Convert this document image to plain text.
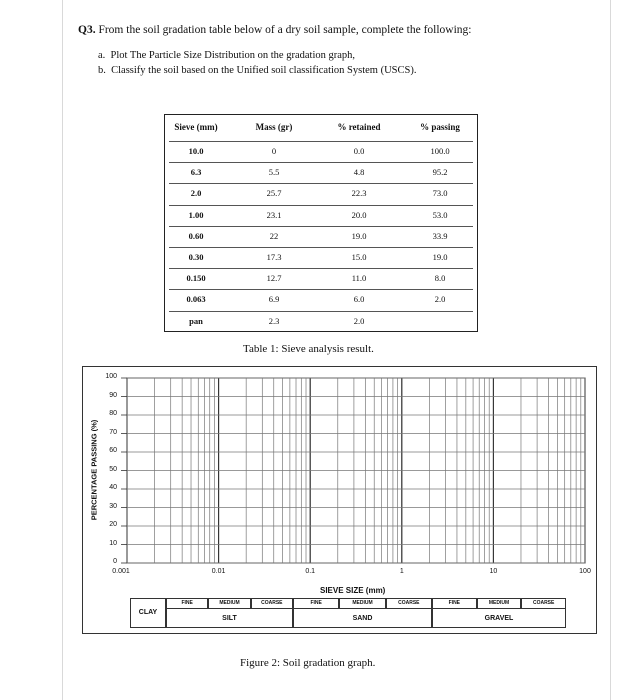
Q3. From the soil gradation table below of a dry soil sample, complete the following:
a. Plot The Particle Size Distribution on the gradation graph,
b. Classify the soil based on the Unified soil classification System (USCS).
Sieve (mm)	Mass (gr)	% retained	% passing
10.0	0	0.0	100.0
6.3	5.5	4.8	95.2
2.0	25.7	22.3	73.0
1.00	23.1	20.0	53.0
0.60	22	19.0	33.9
0.30	17.3	15.0	19.0
0.150	12.7	11.0	8.0
0.063	6.9	6.0	2.0
pan	2.3	2.0
Table 1: Sieve analysis result.
PERCENTAGE PASSING (%)
100
90
80
70
60
50
40
30
20
10
0
0.001	0.01	0.1	1	10	100
SIEVE SIZE (mm)
CLAY
FINE	MEDIUM	COARSE
SILT
FINE	MEDIUM	COARSE
SAND
FINE	MEDIUM	COARSE
GRAVEL
Figure 2: Soil gradation graph.
